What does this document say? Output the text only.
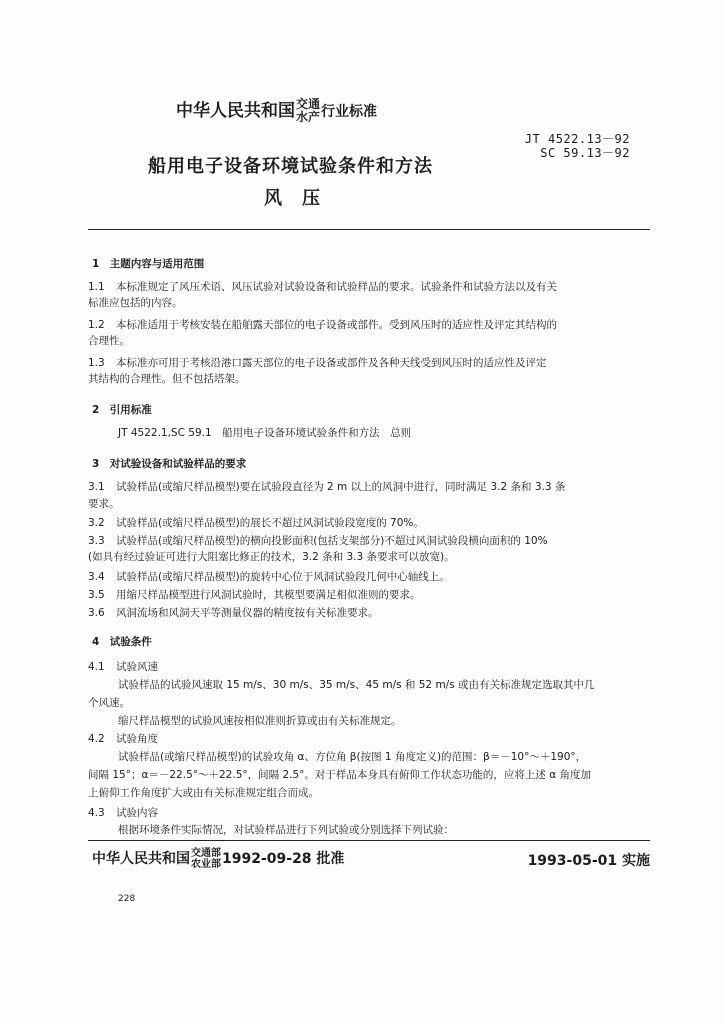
中华人民共和国 交通
水产 行业标准
JT 4522.13－92
SC 59.13－92
船用电子设备环境试验条件和方法
风　压
1　主题内容与适用范围
1.1 本标准规定了风压术语、风压试验对试验设备和试验样品的要求。试验条件和试验方法以及有关
标准应包括的内容。
1.2 本标准适用于考核安装在船舶露天部位的电子设备或部件。受到风压时的适应性及评定其结构的
合理性。
1.3 本标准亦可用于考核沿港口露天部位的电子设备或部件及各种天线受到风压时的适应性及评定
其结构的合理性。但不包括塔架。
2　引用标准
JT 4522.1,SC 59.1　船用电子设备环境试验条件和方法　总则
3　对试验设备和试验样品的要求
3.1 试验样品(或缩尺样品模型)要在试验段直径为 2 m 以上的风洞中进行，同时满足 3.2 条和 3.3 条
要求。
3.2 试验样品(或缩尺样品模型)的展长不超过风洞试验段宽度的 70%。
3.3 试验样品(或缩尺样品模型)的横向投影面积(包括支架部分)不超过风洞试验段横向面积的 10%
(如具有经过验证可进行大阻塞比修正的技术，3.2 条和 3.3 条要求可以放宽)。
3.4 试验样品(或缩尺样品模型)的旋转中心位于风洞试验段几何中心轴线上。
3.5 用缩尺样品模型进行风洞试验时，其模型要满足相似准则的要求。
3.6 风洞流场和风洞天平等测量仪器的精度按有关标准要求。
4　试验条件
4.1 试验风速
试验样品的试验风速取 15 m/s、30 m/s、35 m/s、45 m/s 和 52 m/s 或由有关标准规定选取其中几
个风速。
缩尺样品模型的试验风速按相似准则折算或由有关标准规定。
4.2 试验角度
试验样品(或缩尺样品模型)的试验攻角 α、方位角 β(按图 1 角度定义)的范围：β＝－10°～＋190°，
间隔 15°；α＝－22.5°～＋22.5°，间隔 2.5°。对于样品本身具有俯仰工作状态功能的，应将上述 α 角度加
上俯仰工作角度扩大或由有关标准规定组合而成。
4.3 试验内容
根据环境条件实际情况，对试验样品进行下列试验或分别选择下列试验：
中华人民共和国 交通部
农业部 1992-09-28 批准	1993-05-01 实施
228
